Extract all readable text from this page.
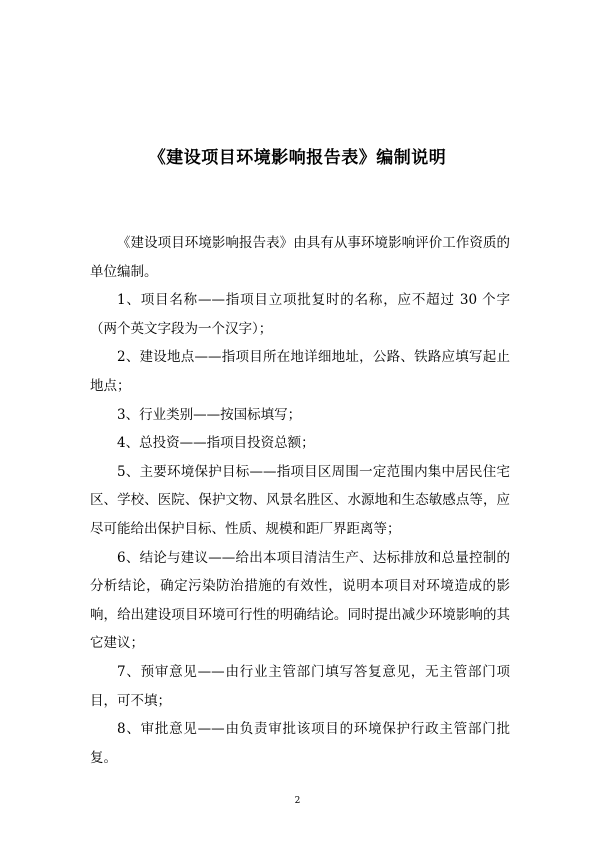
《建设项目环境影响报告表》编制说明

《建设项目环境影响报告表》由具有从事环境影响评价工作资质的单位编制。

1、项目名称——指项目立项批复时的名称，应不超过 30 个字（两个英文字段为一个汉字）；

2、建设地点——指项目所在地详细地址，公路、铁路应填写起止地点；

3、行业类别——按国标填写；

4、总投资——指项目投资总额；

5、主要环境保护目标——指项目区周围一定范围内集中居民住宅区、学校、医院、保护文物、风景名胜区、水源地和生态敏感点等，应尽可能给出保护目标、性质、规模和距厂界距离等；

6、结论与建议——给出本项目清洁生产、达标排放和总量控制的分析结论，确定污染防治措施的有效性，说明本项目对环境造成的影响，给出建设项目环境可行性的明确结论。同时提出减少环境影响的其它建议；

7、预审意见——由行业主管部门填写答复意见，无主管部门项目，可不填；

8、审批意见——由负责审批该项目的环境保护行政主管部门批复。

2
